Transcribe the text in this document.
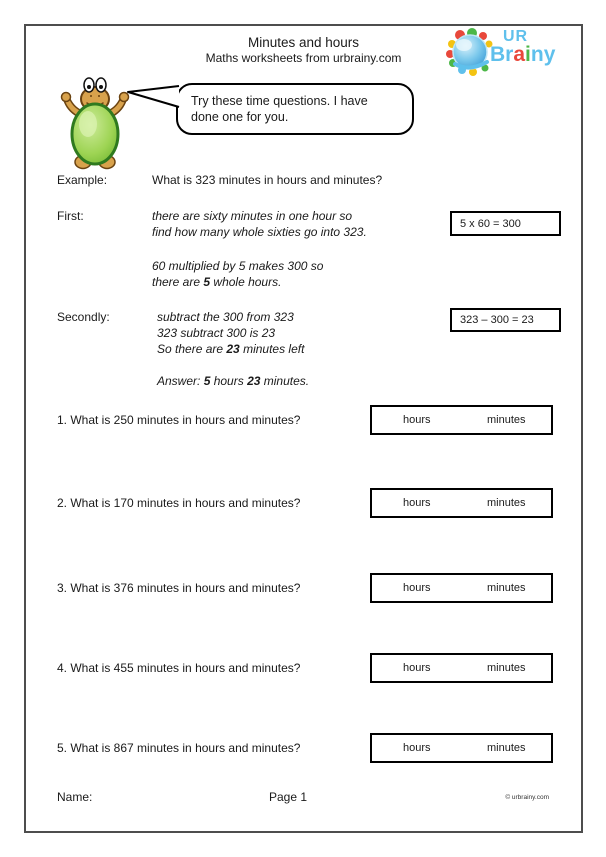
Minutes and hours
Maths worksheets from urbrainy.com
UR
Brainy
Try these time questions. I have
done one for you.
Example:	What is 323 minutes in hours and minutes?
First:	there are sixty minutes in one hour so
find how many whole sixties go into 323.
5 x 60 = 300
60 multiplied by 5 makes 300 so
there are 5 whole hours.
Secondly:	subtract the 300 from 323
323 subtract 300 is 23
So there are 23 minutes left
323 – 300 = 23
Answer: 5 hours 23 minutes.
1. What is 250 minutes in hours and minutes?	hours	minutes
2. What is 170 minutes in hours and minutes?	hours	minutes
3. What is 376 minutes in hours and minutes?	hours	minutes
4. What is 455 minutes in hours and minutes?	hours	minutes
5. What is 867 minutes in hours and minutes?	hours	minutes
Name:	Page 1	© urbrainy.com
